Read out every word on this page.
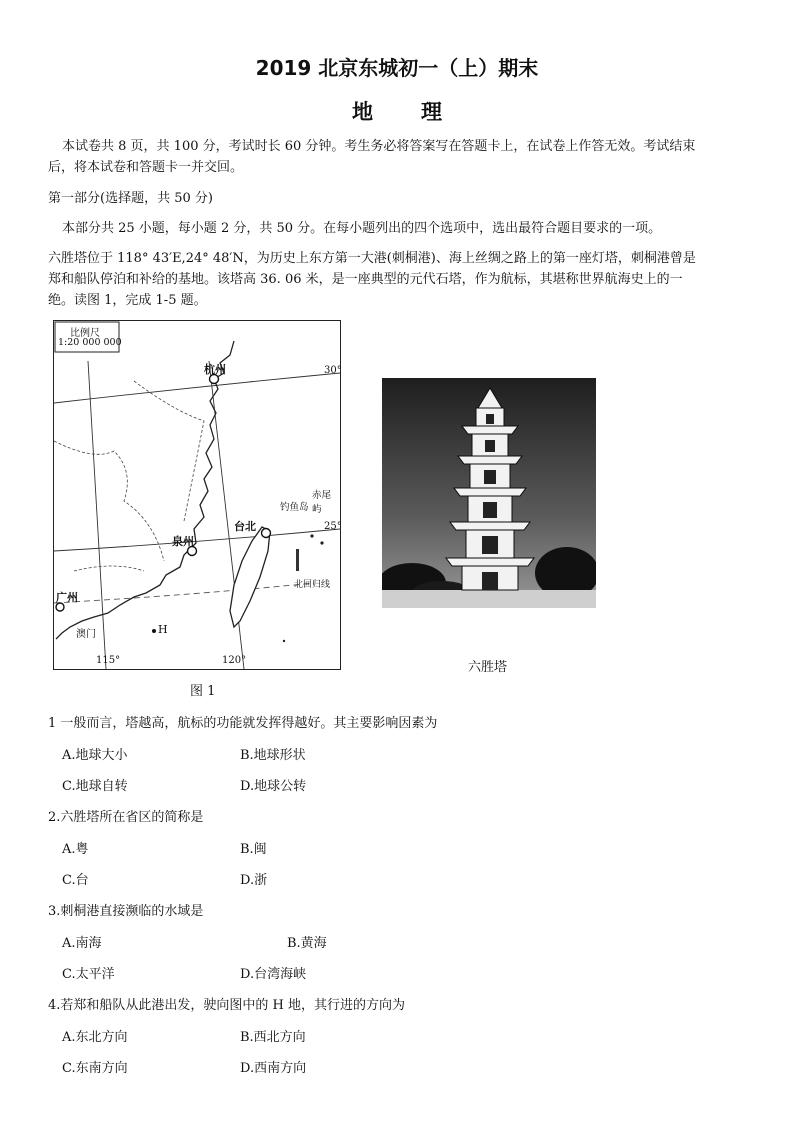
2019 北京东城初一（上）期末
地 理
本试卷共 8 页，共 100 分，考试时长 60 分钟。考生务必将答案写在答题卡上，在试卷上作答无效。考试结束
后，将本试卷和答题卡一并交回。
第一部分(选择题，共 50 分)
本部分共 25 小题，每小题 2 分，共 50 分。在每小题列出的四个选项中，选出最符合题目要求的一项。
六胜塔位于 118° 43′E,24° 48′N，为历史上东方第一大港(刺桐港)、海上丝绸之路上的第一座灯塔，刺桐港曾是
郑和船队停泊和补给的基地。该塔高 36. 06 米，是一座典型的元代石塔，作为航标，其堪称世界航海史上的一
绝。读图 1，完成 1-5 题。
比例尺
1:20 000 000
杭州
泉州
台北
广州
澳门
钓鱼岛
赤尾屿
北回归线
H
30°
25°
115°	120°
图 1
六胜塔
1 一般而言，塔越高，航标的功能就发挥得越好。其主要影响因素为
A.地球大小	B.地球形状
C.地球自转	D.地球公转
2.六胜塔所在省区的简称是
A.粤	B.闽
C.台	D.浙
3.刺桐港直接濒临的水域是
A.南海	B.黄海
C.太平洋	D.台湾海峡
4.若郑和船队从此港出发，驶向图中的 H 地，其行进的方向为
A.东北方向	B.西北方向
C.东南方向	D.西南方向
